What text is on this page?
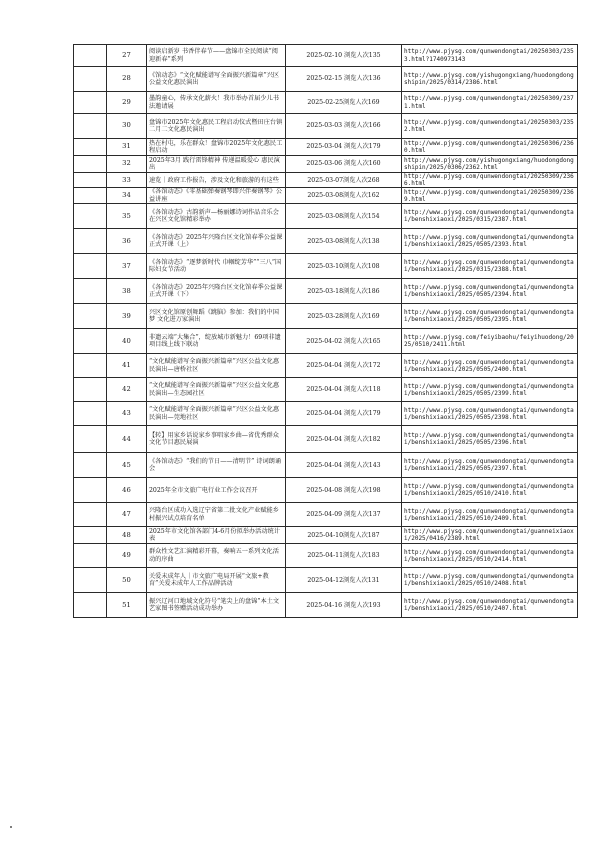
	27	阅读启新岁 书香伴春节——盘锦市全民阅读“阅迎新春”系列	2025-02-10 浏览人次135	http://www.pjysg.com/qunwendongtai/20250303/2353.html?1740973143
	28	《馆动态》“文化赋能谱写全面振兴新篇章”兴区公益文化惠民演出	2025-02-15 浏览人次136	http://www.pjysg.com/yishugongxiang/huodongdongshipin/2025/0314/2386.html
	29	墨韵童心，传承文化薪火！我市举办首届少儿书法邀请展	2025-02-25浏览人次169	http://www.pjysg.com/qunwendongtai/20250309/2371.html
	30	盘锦市2025年文化惠民工程启动仪式暨田庄台镇二月二文化惠民演出	2025-03-03 浏览人次166	http://www.pjysg.com/qunwendongtai/20250303/2352.html
	31	热在村屯，乐在群众！盘锦市2025年文化惠民工程启动	2025-03-04 浏览人次179	http://www.pjysg.com/qunwendongtai/20250306/2360.html
	32	2025年3月 践行雷锋精神 传递温暖爱心 惠民演出	2025-03-06 浏览人次160	http://www.pjysg.com/yishugongxiang/huodongdongshipin/2025/0306/2362.html
	33	速览｜政府工作报告，涉及文化和旅游的有这些	2025-03-07浏览人次268	http://www.pjysg.com/qunwendongtai/20250309/2366.html
	34	《各馆动态》《零基础弹奏钢琴即兴伴奏钢琴》公益讲座	2025-03-08浏览人次162	http://www.pjysg.com/qunwendongtai/20250309/2369.html
	35	《各馆动态》古韵新声—杨丽娜诗词作品音乐会在兴区文化馆精彩举办	2025-03-08浏览人次154	http://www.pjysg.com/qunwendongtai/qunwendongtai/benshixiaoxi/2025/0315/2387.html
	36	《各馆动态》2025年兴隆台区文化馆春季公益课正式开课（上）	2025-03-08浏览人次138	http://www.pjysg.com/qunwendongtai/qunwendongtai/benshixiaoxi/2025/0505/2393.html
	37	《各馆动态》“逐梦新时代 巾帼绽芳华”“三八”国际妇女节活动	2025-03-10浏览人次108	http://www.pjysg.com/qunwendongtai/qunwendongtai/benshixiaoxi/2025/0315/2388.html
	38	《各馆动态》2025年兴隆台区文化馆春季公益课正式开课（下）	2025-03-18浏览人次186	http://www.pjysg.com/qunwendongtai/qunwendongtai/benshixiaoxi/2025/0505/2394.html
	39	兴区文化馆原创舞蹈《跳脑》参加：我们的中国梦 文化进万家演出	2025-03-28浏览人次169	http://www.pjysg.com/qunwendongtai/qunwendongtai/benshixiaoxi/2025/0505/2395.html
	40	非遗云端“大集合”，绽放城市新魅力！69项非遗项目线上线下联动	2025-04-02 浏览人次165	http://www.pjysg.com/feiyibaohu/feiyihuodong/2025/0510/2411.html
	41	“文化赋能谱写全面振兴新篇章”兴区公益文化惠民演出—唐桥社区	2025-04-04 浏览人次172	http://www.pjysg.com/qunwendongtai/qunwendongtai/benshixiaoxi/2025/0505/2400.html
	42	“文化赋能谱写全面振兴新篇章”兴区公益文化惠民演出—生态园社区	2025-04-04 浏览人次118	http://www.pjysg.com/qunwendongtai/qunwendongtai/benshixiaoxi/2025/0505/2399.html
	43	“文化赋能谱写全面振兴新篇章”兴区公益文化惠民演出—莞地社区	2025-04-04 浏览人次179	http://www.pjysg.com/qunwendongtai/qunwendongtai/benshixiaoxi/2025/0505/2398.html
	44	【转】用家乡话说家乡事唱家乡曲—省优秀群众文化节目惠民展演	2025-04-04 浏览人次182	http://www.pjysg.com/qunwendongtai/qunwendongtai/benshixiaoxi/2025/0505/2396.html
	45	《各馆动态》“我们的节日——清明节” 诗词朗诵会	2025-04-04 浏览人次143	http://www.pjysg.com/qunwendongtai/qunwendongtai/benshixiaoxi/2025/0505/2397.html
	46	2025年全市文旅广电行业工作会议召开	2025-04-08 浏览人次198	http://www.pjysg.com/qunwendongtai/qunwendongtai/benshixiaoxi/2025/0510/2410.html
	47	兴隆台区成功入选辽宁省第二批文化产业赋能乡村振兴试点培育名单	2025-04-09 浏览人次137	http://www.pjysg.com/qunwendongtai/qunwendongtai/benshixiaoxi/2025/0510/2409.html
	48	2025年市文化馆各部门4-6月份拟举办活动统计表	2025-04-10浏览人次187	http://www.pjysg.com/qunwendongtai/guanneixiaoxi/2025/0416/2389.html
	49	群众性文艺汇演精彩开幕，奏响五一系列文化活动的序曲	2025-04-11浏览人次183	http://www.pjysg.com/qunwendongtai/qunwendongtai/benshixiaoxi/2025/0510/2414.html
	50	关爱未成年人｜市文旅广电局开展“文旅+教育”关爱未成年人工作品牌活动	2025-04-12浏览人次131	http://www.pjysg.com/qunwendongtai/qunwendongtai/benshixiaoxi/2025/0510/2408.html
	51	振兴辽河口地域文化符号“笔尖上的盘锦”本土文艺家图书签赠活动成功举办	2025-04-16 浏览人次193	http://www.pjysg.com/qunwendongtai/qunwendongtai/benshixiaoxi/2025/0510/2407.html
